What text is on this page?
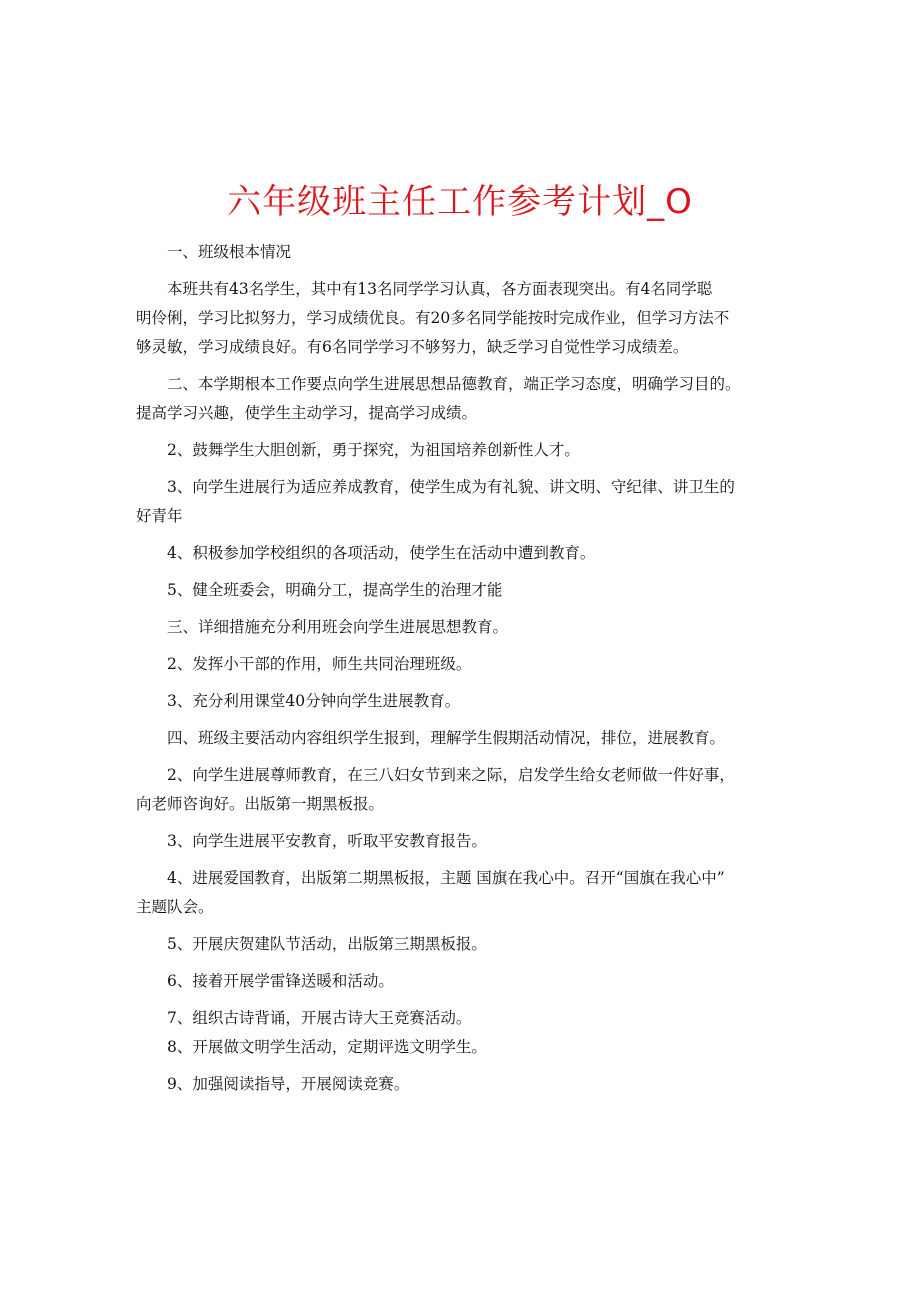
六年级班主任工作参考计划_O

一、班级根本情况

本班共有43名学生，其中有13名同学学习认真，各方面表现突出。有4名同学聪

明伶俐，学习比拟努力，学习成绩优良。有20多名同学能按时完成作业，但学习方法不

够灵敏，学习成绩良好。有6名同学学习不够努力，缺乏学习自觉性学习成绩差。

二、本学期根本工作要点向学生进展思想品德教育，端正学习态度，明确学习目的。

提高学习兴趣，使学生主动学习，提高学习成绩。

2、鼓舞学生大胆创新，勇于探究，为祖国培养创新性人才。

3、向学生进展行为适应养成教育，使学生成为有礼貌、讲文明、守纪律、讲卫生的

好青年

4、积极参加学校组织的各项活动，使学生在活动中遭到教育。

5、健全班委会，明确分工，提高学生的治理才能

三、详细措施充分利用班会向学生进展思想教育。

2、发挥小干部的作用，师生共同治理班级。

3、充分利用课堂40分钟向学生进展教育。

四、班级主要活动内容组织学生报到，理解学生假期活动情况，排位，进展教育。

2、向学生进展尊师教育，在三八妇女节到来之际，启发学生给女老师做一件好事，

向老师咨询好。出版第一期黑板报。

3、向学生进展平安教育，听取平安教育报告。

4、进展爱国教育，出版第二期黑板报，主题 国旗在我心中。召开“国旗在我心中”

主题队会。

5、开展庆贺建队节活动，出版第三期黑板报。

6、接着开展学雷锋送暖和活动。

7、组织古诗背诵，开展古诗大王竞赛活动。

8、开展做文明学生活动，定期评选文明学生。

9、加强阅读指导，开展阅读竞赛。
